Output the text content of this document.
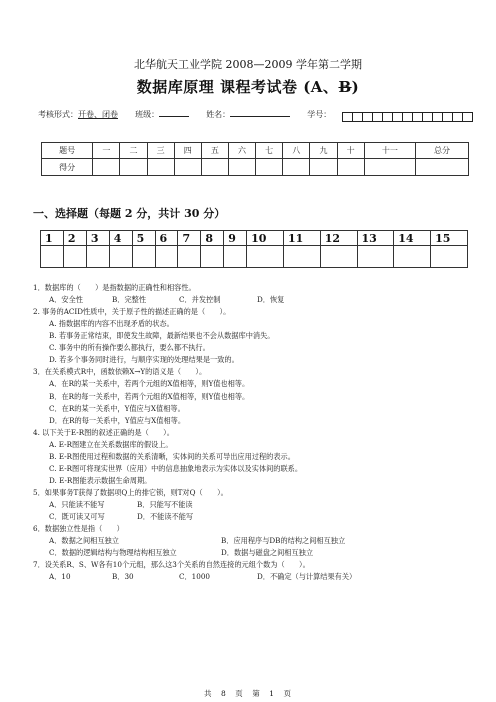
北华航天工业学院 2008—2009 学年第二学期
数据库原理 课程考试卷 (A、B)
考核形式：开卷、闭卷 班级：	姓名：	学号：
题号	一	二	三	四	五	六	七	八	九	十	十一	总分
得分												
一、选择题（每题 2 分，共计 30 分）
1	2	3	4	5	6	7	8	9	10	11	12	13	14	15

1．数据库的（　　）是指数据的正确性和相容性。
A．安全性	B．完整性	C．并发控制	D．恢复
2. 事务的ACID性质中，关于原子性的描述正确的是（　　）。
A. 指数据库的内容不出现矛盾的状态。
B. 若事务正常结束，即使发生故障，最新结果也不会从数据库中消失。
C. 事务中的所有操作要么都执行，要么都不执行。
D. 若多个事务同时进行，与顺序实现的处理结果是一致的。
3．在关系模式R中，函数依赖X→Y的语义是（　　）。
A．在R的某一关系中，若两个元组的X值相等，则Y值也相等。
B．在R的每一关系中，若两个元组的X值相等，则Y值也相等。
C．在R的某一关系中，Y值应与X值相等。
D．在R的每一关系中，Y值应与X值相等。
4. 以下关于E-R图的叙述正确的是（　　）。
A. E-R图建立在关系数据库的假设上。
B. E-R图使用过程和数据的关系清晰，实体间的关系可导出应用过程的表示。
C. E-R图可将现实世界（应用）中的信息抽象地表示为实体以及实体间的联系。
D. E-R图能表示数据生命周期。
5．如果事务T获得了数据项Q上的排它锁，则T对Q（　　）。
A．只能读不能写	B．只能写不能读
C．既可读又可写	D．不能读不能写
6．数据独立性是指（　　）
A．数据之间相互独立	B．应用程序与DB的结构之间相互独立
C．数据的逻辑结构与物理结构相互独立	D．数据与磁盘之间相互独立
7．设关系R、S、W各有10个元组，那么这3个关系的自然连接的元组个数为（　　）。
A．10	B．30	C．1000	D．不确定（与计算结果有关）
共　8　页　第　1　页
